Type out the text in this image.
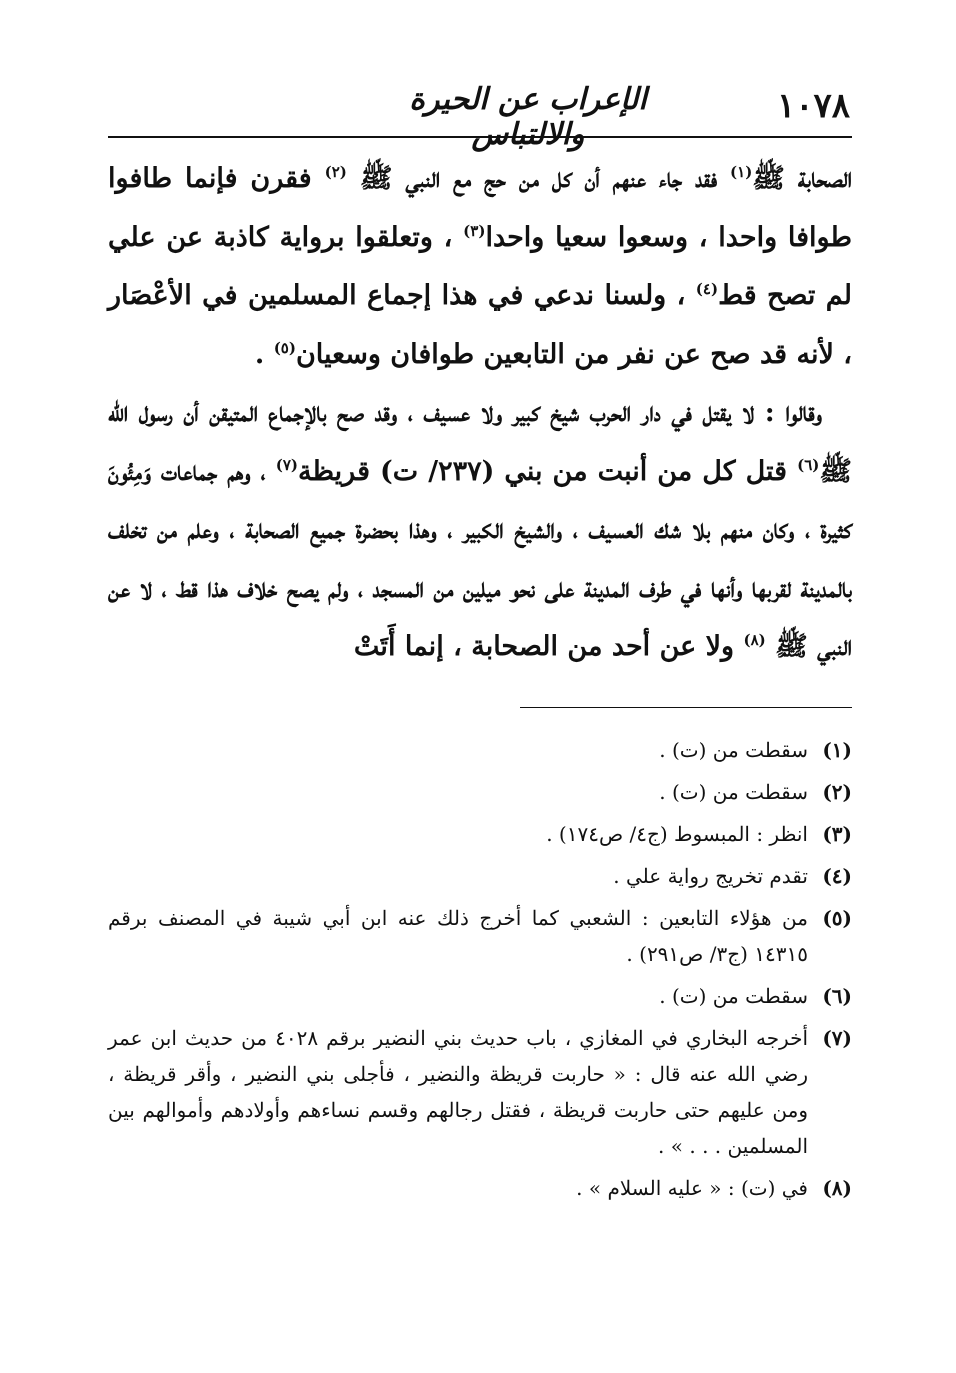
١٠٧٨
الإعراب عن الحيرة والالتباس

الصحابة ﷺ$^{(١)}$ فقد جاء عنهم أن كل من حج مع النبي ﷺ $^{(٢)}$ فقرن فإنما طافوا طوافا واحدا ، وسعوا سعيا واحدا$^{(٣)}$ ، وتعلقوا برواية كاذبة عن علي لم تصح قط$^{(٤)}$ ، ولسنا ندعي في هذا إجماع المسلمين في الأعْصَار ، لأنه قد صح عن نفر من التابعين طوافان وسعيان$^{(٥)}$ .

وقالوا : لا يقتل في دار الحرب شيخ كبير ولا عسيف ، وقد صح بالإجماع المتيقن أن رسول الله ﷺ$^{(٦)}$ قتل كل من أنبت من بني (٢٣٧/ ت) قريظة$^{(٧)}$ ، وهم جماعات وَمِئُونَ كثيرة ، وكان منهم بلا شك العسيف ، والشيخ الكبير ، وهذا بحضرة جميع الصحابة ، وعلم من تخلف بالمدينة لقربها وأنها في طرف المدينة على نحو ميلين من المسجد ، ولم يصح خلاف هذا قط ، لا عن النبي ﷺ $^{(٨)}$ ولا عن أحد من الصحابة ، إنما أَتَتْ

(١)
سقطت من (ت) .
(٢)
سقطت من (ت) .
(٣)
انظر : المبسوط (ج٤/ ص١٧٤) .
(٤)
تقدم تخريج رواية علي .
(٥)
من هؤلاء التابعين : الشعبي كما أخرج ذلك عنه ابن أبي شيبة في المصنف برقم ١٤٣١٥ (ج٣/ ص٢٩١) .
(٦)
سقطت من (ت) .
(٧)
أخرجه البخاري في المغازي ، باب حديث بني النضير برقم ٤٠٢٨ من حديث ابن عمر رضي الله عنه قال : « حاربت قريظة والنضير ، فأجلى بني النضير ، وأقر قريظة ، ومن عليهم حتى حاربت قريظة ، فقتل رجالهم وقسم نساءهم وأولادهم وأموالهم بين المسلمين . . . » .
(٨)
في (ت) : « عليه السلام » .
